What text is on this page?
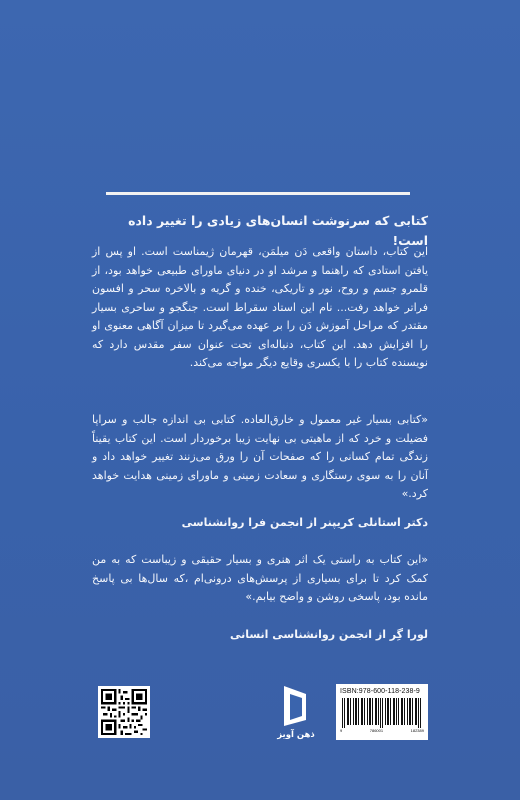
کتابی که سرنوشت انسان‌های زیادی را تغییر داده است!
این کتاب، داستان واقعی دَن میلمَن، قهرمان ژیمناست است. او پس از یافتن استادی که راهنما و مرشد او در دنیای ماورای طبیعی خواهد بود، از قلمرو جسم و روح، نور و تاریکی، خنده و گریه و بالاخره سحر و افسون فراتر خواهد رفت... نام این استاد سقراط است. جنگجو و ساحری بسیار مقتدر که مراحل آموزش دَن را بر عهده می‌گیرد تا میزان آگاهی معنوی او را افزایش دهد. این کتاب، دنباله‌ای تحت عنوان سفر مقدس دارد که نویسنده کتاب را با یکسری وقایع دیگر مواجه می‌کند.
«کتابی بسیار غیر معمول و خارق‌العاده. کتابی بی اندازه جالب و سراپا فضیلت و خرد که از ماهیتی بی نهایت زیبا برخوردار است. این کتاب یقیناً زندگی تمام کسانی را که صفحات آن را ورق می‌زنند تغییر خواهد داد و آنان را به سوی رستگاری و سعادت زمینی و ماورای زمینی هدایت خواهد کرد.»
دکتر استانلی کریپنر از انجمن فرا روانشناسی
«این کتاب به راستی یک اثر هنری و بسیار حقیقی و زیباست که به من کمک کرد تا برای بسیاری از پرسش‌های درونی‌ام ،که سال‌ها بی پاسخ مانده بود، پاسخی روشن و واضح بیابم.»
لورا گِر از انجمن روانشناسی انسانی
ذهن آویز
ISBN:978-600-118-238-9
9	786001	182389
